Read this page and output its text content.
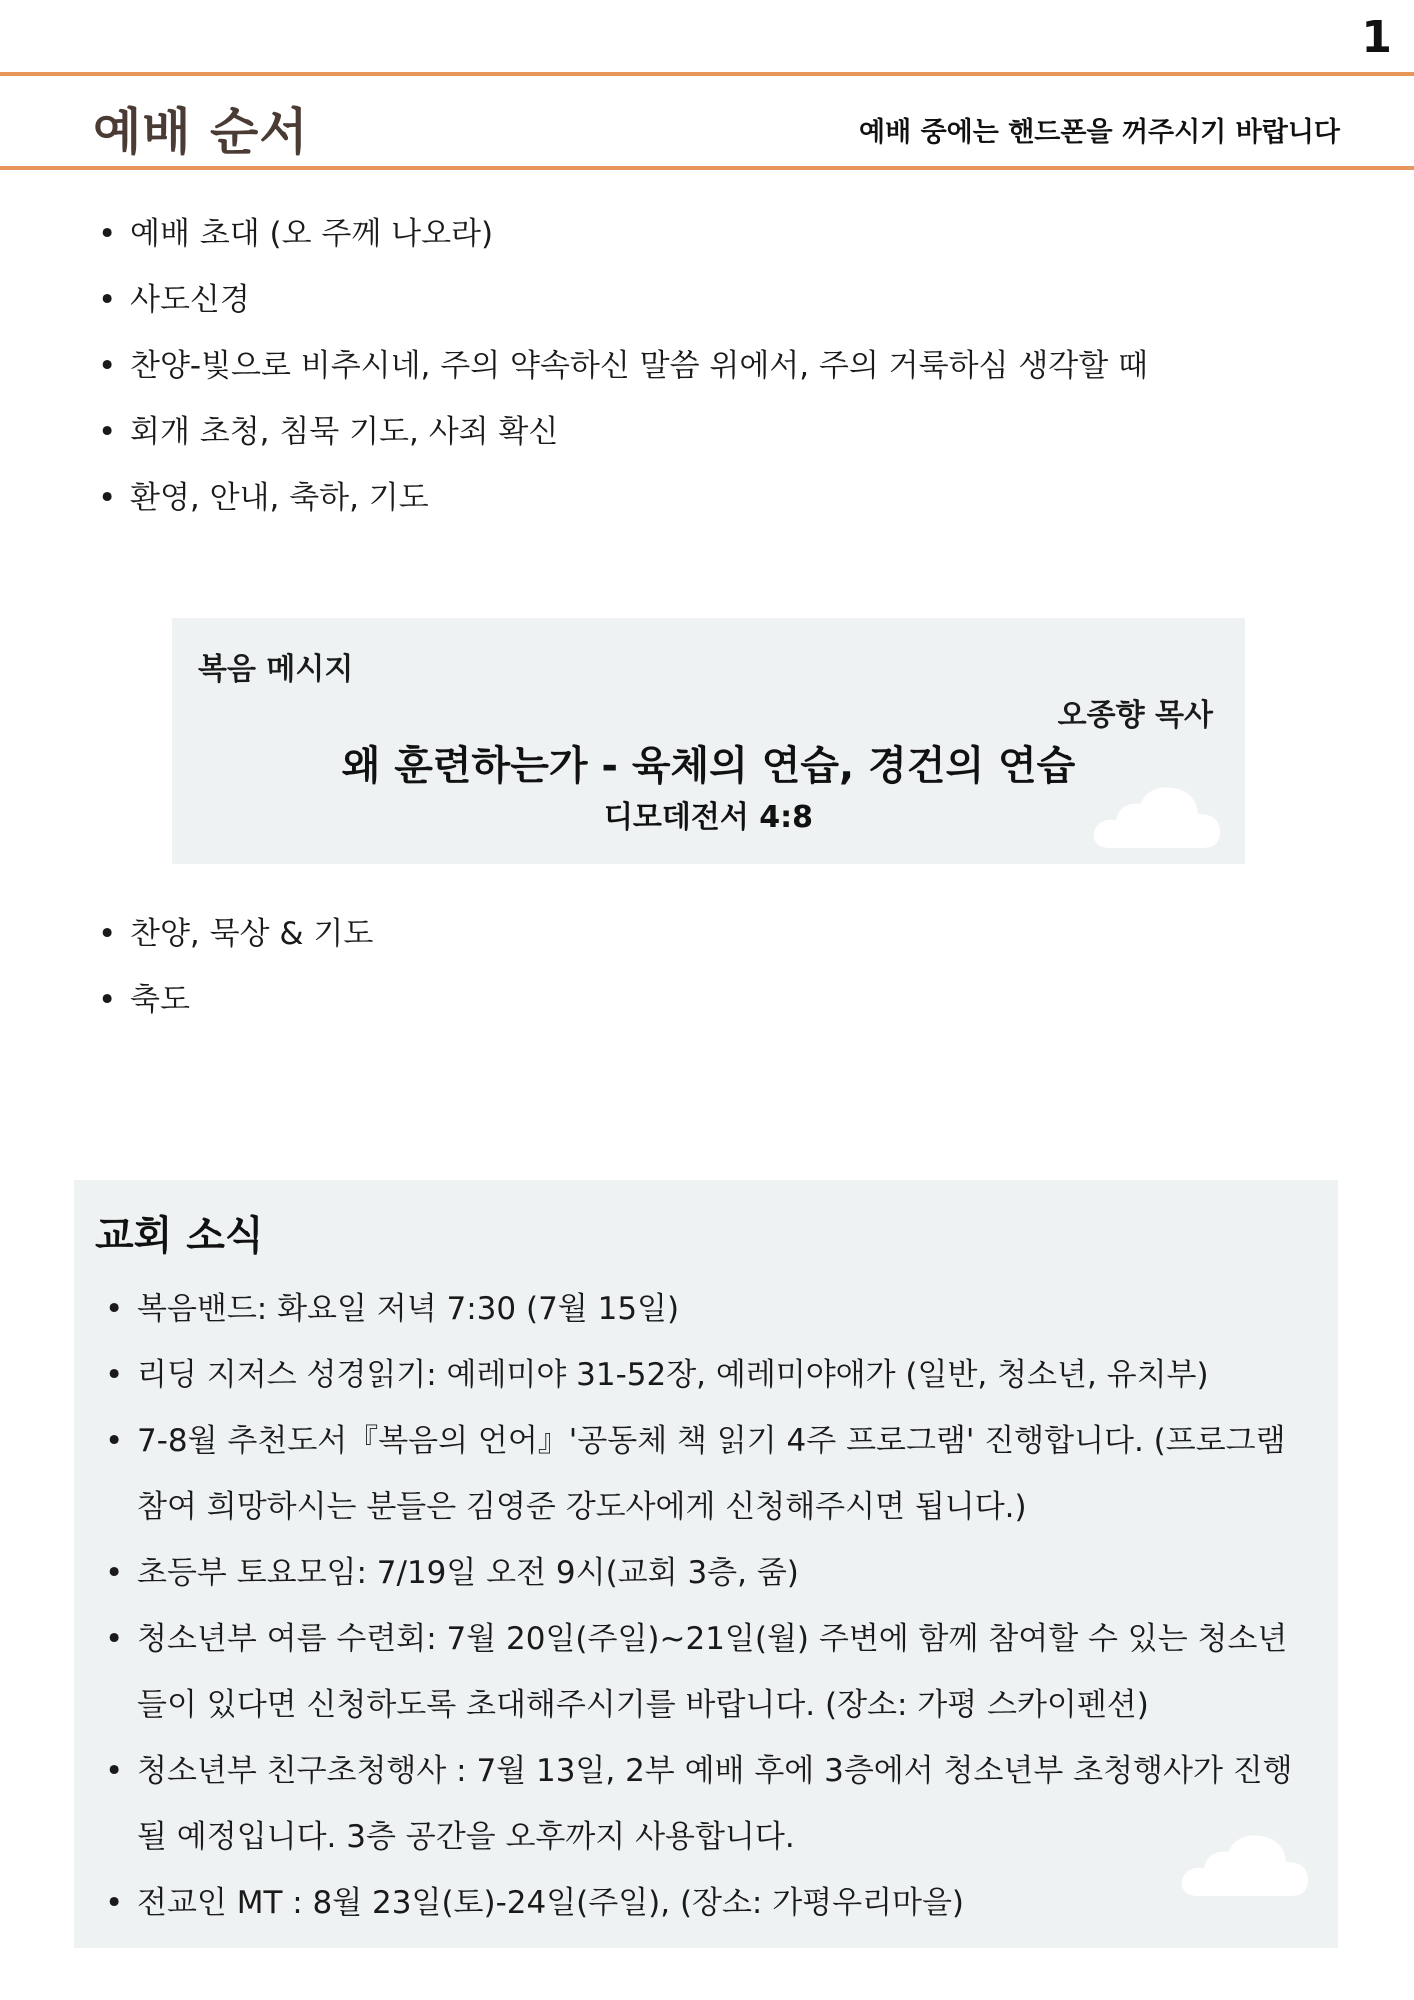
1
예배 순서	예배 중에는 핸드폰을 꺼주시기 바랍니다
• 예배 초대 (오 주께 나오라)
• 사도신경
• 찬양-빛으로 비추시네, 주의 약속하신 말씀 위에서, 주의 거룩하심 생각할 때
• 회개 초청, 침묵 기도, 사죄 확신
• 환영, 안내, 축하, 기도
복음 메시지
오종향 목사
왜 훈련하는가 - 육체의 연습, 경건의 연습
디모데전서 4:8
• 찬양, 묵상 & 기도
• 축도
교회 소식
• 복음밴드: 화요일 저녁 7:30 (7월 15일)
• 리딩 지저스 성경읽기: 예레미야 31-52장, 예레미야애가 (일반, 청소년, 유치부)
• 7-8월 추천도서『복음의 언어』'공동체 책 읽기 4주 프로그램' 진행합니다. (프로그램 참여 희망하시는 분들은 김영준 강도사에게 신청해주시면 됩니다.)
• 초등부 토요모임: 7/19일 오전 9시(교회 3층, 줌)
• 청소년부 여름 수련회: 7월 20일(주일)~21일(월) 주변에 함께 참여할 수 있는 청소년들이 있다면 신청하도록 초대해주시기를 바랍니다. (장소: 가평 스카이펜션)
• 청소년부 친구초청행사 : 7월 13일, 2부 예배 후에 3층에서 청소년부 초청행사가 진행될 예정입니다. 3층 공간을 오후까지 사용합니다.
• 전교인 MT : 8월 23일(토)-24일(주일), (장소: 가평우리마을)
